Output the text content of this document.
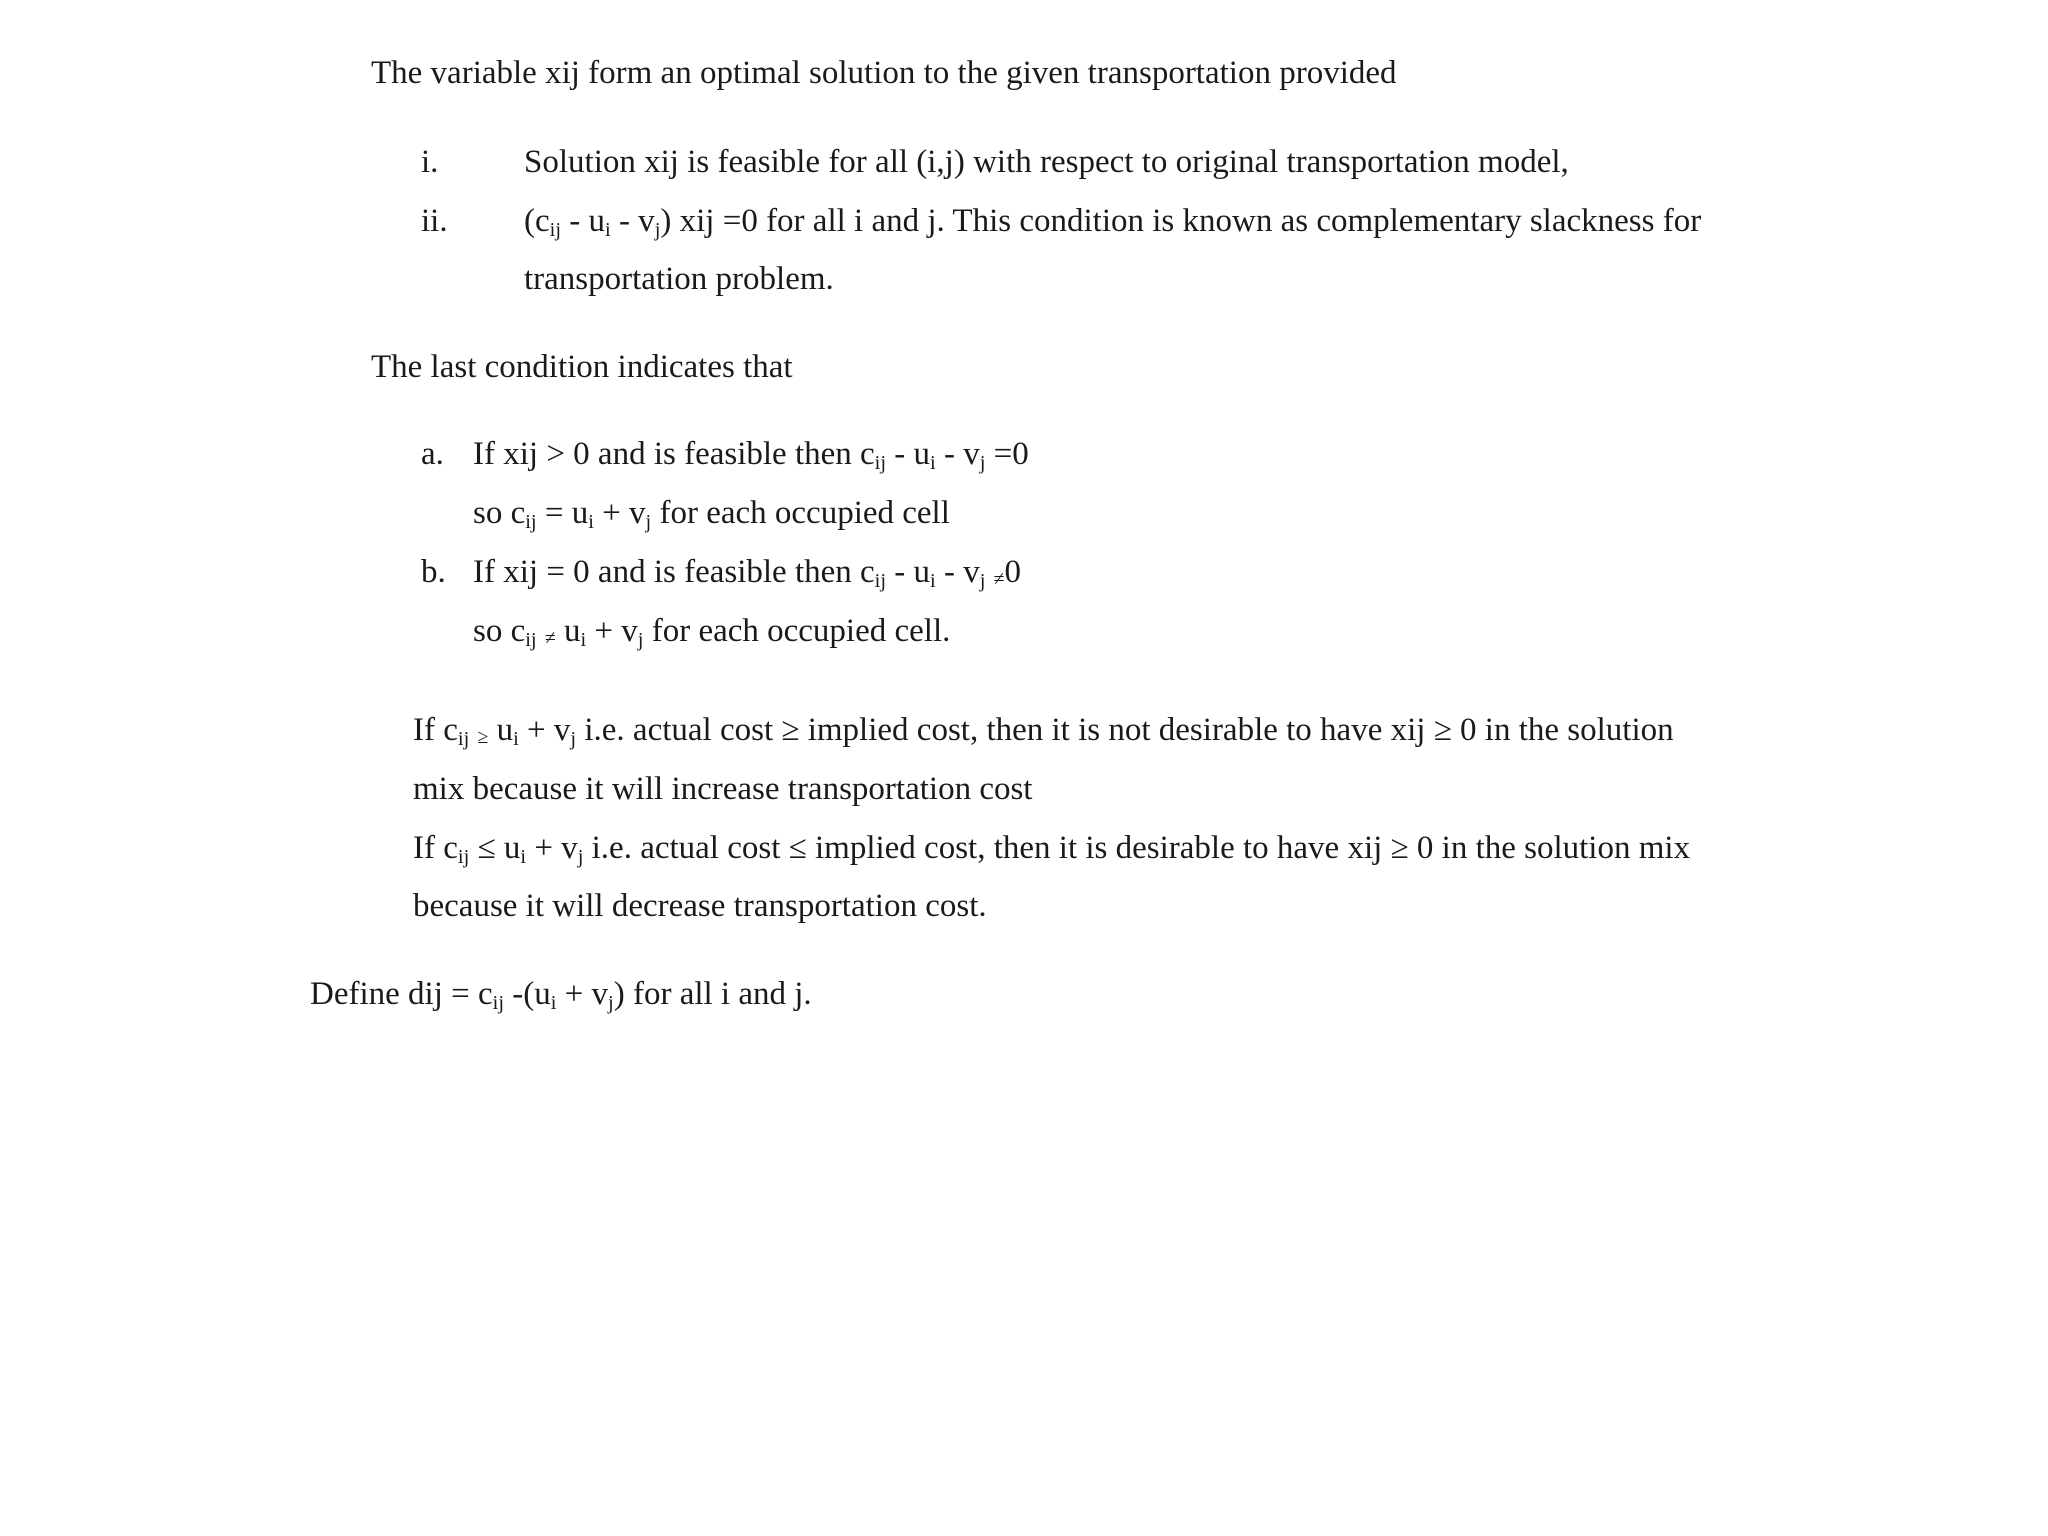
The variable xij form an optimal solution to the given transportation provided
i.	Solution xij is feasible for all (i,j) with respect to original transportation model,
ii. $(c_{ij} - u_i - v_j)$ xij =0 for all i and j. This condition is known as complementary slackness for
transportation problem.
The last condition indicates that
a. If xij > 0 and is feasible then $c_{ij} - u_i - v_j =0$
so $c_{ij} = u_i + v_j$ for each occupied cell
b. If xij = 0 and is feasible then $c_{ij} - u_i - v_j \ne 0$
so $c_{ij} \ne u_i + v_j$ for each occupied cell.
If $c_{ij} \ge u_i + v_j$ i.e. actual cost ≥ implied cost, then it is not desirable to have xij ≥ 0 in the solution
mix because it will increase transportation cost
If $c_{ij} \le u_i + v_j$ i.e. actual cost ≤ implied cost, then it is desirable to have xij ≥ 0 in the solution mix
because it will decrease transportation cost.
Define dij = $c_{ij}$ $-(u_i + v_j)$ for all i and j.
